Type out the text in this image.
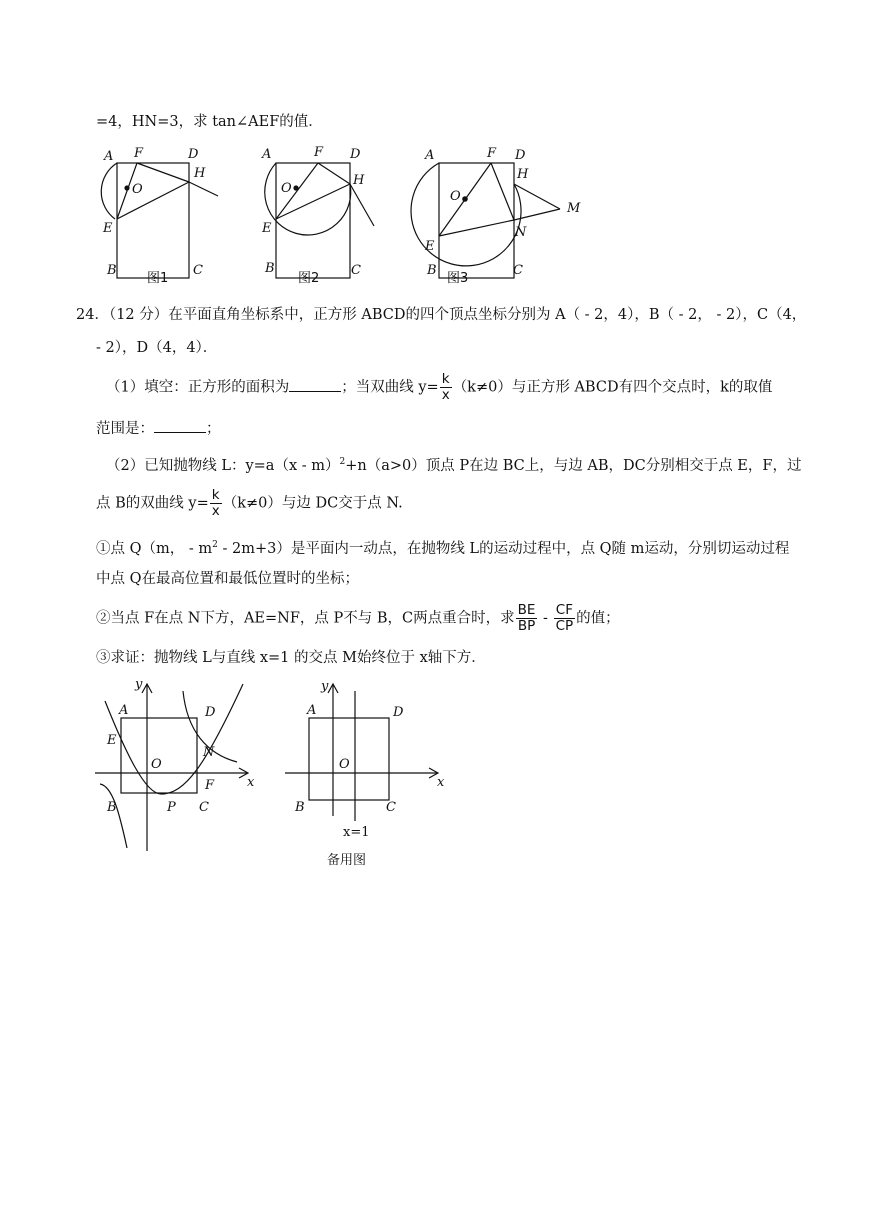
=4，HN=3，求 tan∠AEF的值．
A F	D
O
H
E
B	C
图1
A	F D
O
H
E
B	C
图2
A	F D
H
O
M
N
E
B	C
图3
24．（12 分）在平面直角坐标系中，正方形 ABCD的四个顶点坐标分别为 A（ - 2，4），B（ - 2， - 2），C（4，
- 2），D（4，4）．
（1）填空：正方形的面积为	；当双曲线 $y= \frac{k}{x} (k\ne 0)$与正方形 ABCD有四个交点时，k的取值
范围是：	；
（2）已知抛物线 L：y=a（x - m）$^2$+n（a>0）顶点 P在边 BC上，与边 AB，DC分别相交于点 E，F，过
点 B的双曲线 $y= \frac{k}{x} (k\ne 0)$与边 DC交于点 N.
①点 Q（m， - $m^2 - 2m+3$）是平面内一动点，在抛物线 L的运动过程中，点 Q随 m运动，分别切运动过程
中点 Q在最高位置和最低位置时的坐标；
②当点 F在点 N下方，AE=NF，点 P不与 B，C两点重合时，求 $\frac{BE}{BP} - \frac{CF}{CP}$ 的值；
③求证：抛物线 L与直线 x=1 的交点 M始终位于 x轴下方．
y
A	D
E
N
O
x
F
B	P C
y
A	D
O
x
B	C
x=1
备用图
